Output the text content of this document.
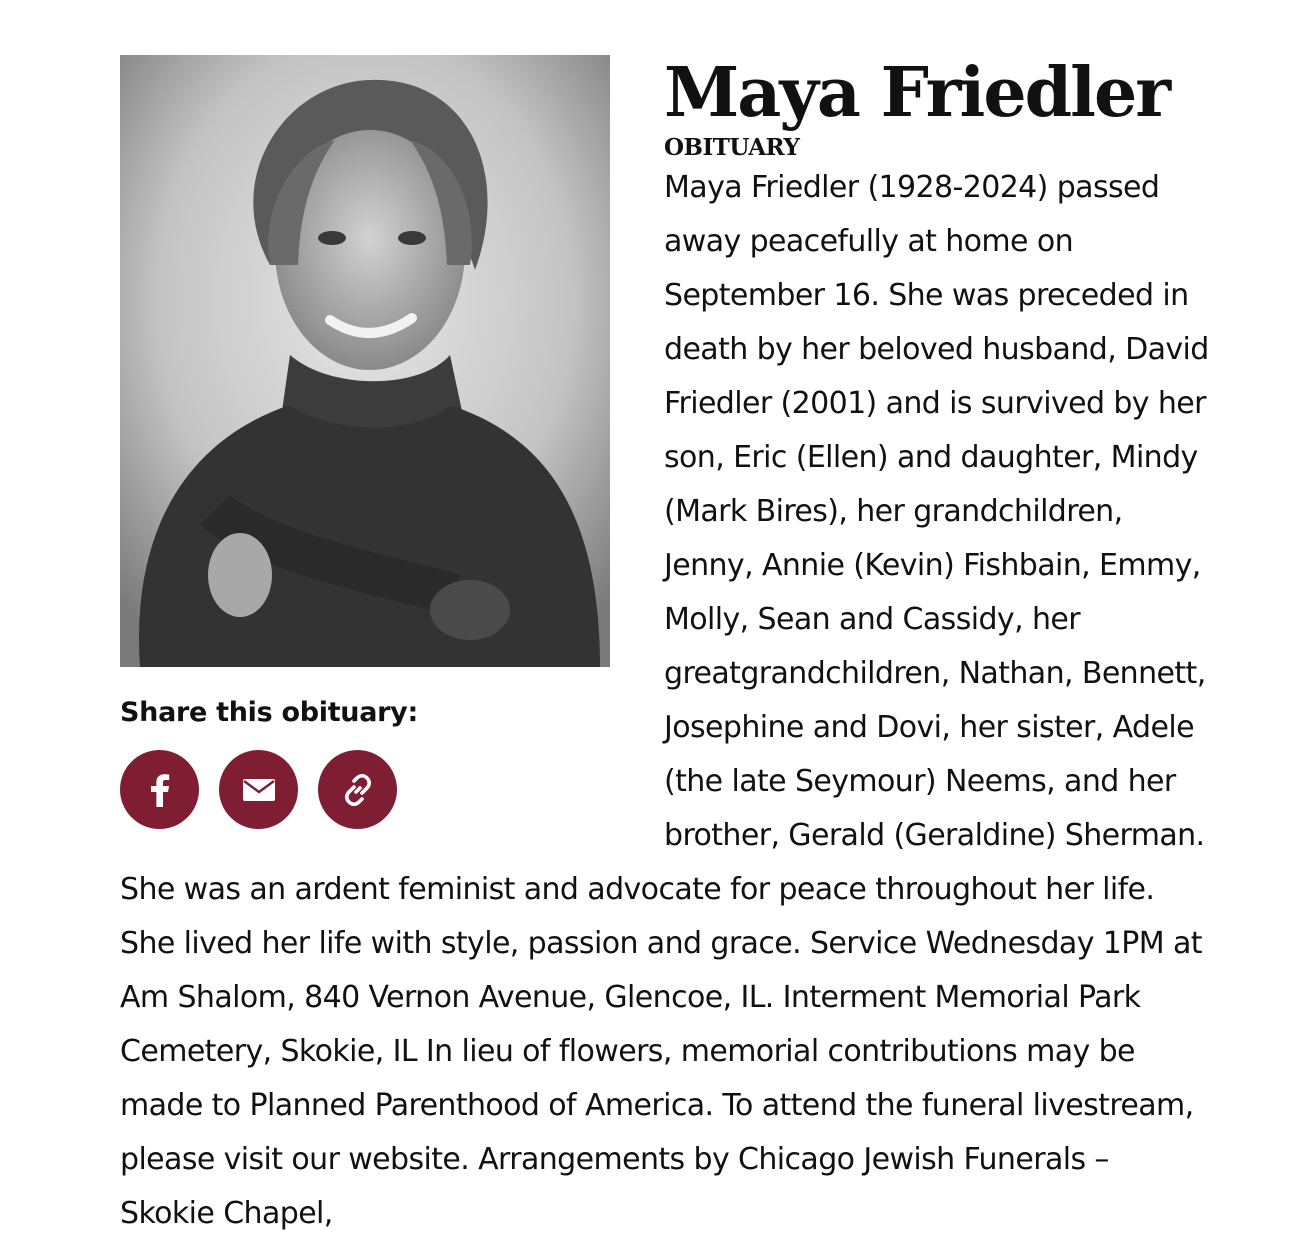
Share this obituary:
Maya Friedler
OBITUARY

Maya Friedler (1928-2024) passed away peacefully at home on September 16. She was preceded in death by her beloved husband, David Friedler (2001) and is survived by her son, Eric (Ellen) and daughter, Mindy (Mark Bires), her grandchildren, Jenny, Annie (Kevin) Fishbain, Emmy, Molly, Sean and Cassidy, her greatgrandchildren, Nathan, Bennett, Josephine and Dovi, her sister, Adele (the late Seymour) Neems, and her brother, Gerald (Geraldine) Sherman. She was an ardent feminist and advocate for peace throughout her life. She lived her life with style, passion and grace. Service Wednesday 1PM at Am Shalom, 840 Vernon Avenue, Glencoe, IL. Interment Memorial Park Cemetery, Skokie, IL In lieu of flowers, memorial contributions may be made to Planned Parenthood of America. To attend the funeral livestream, please visit our website. Arrangements by Chicago Jewish Funerals – Skokie Chapel,
